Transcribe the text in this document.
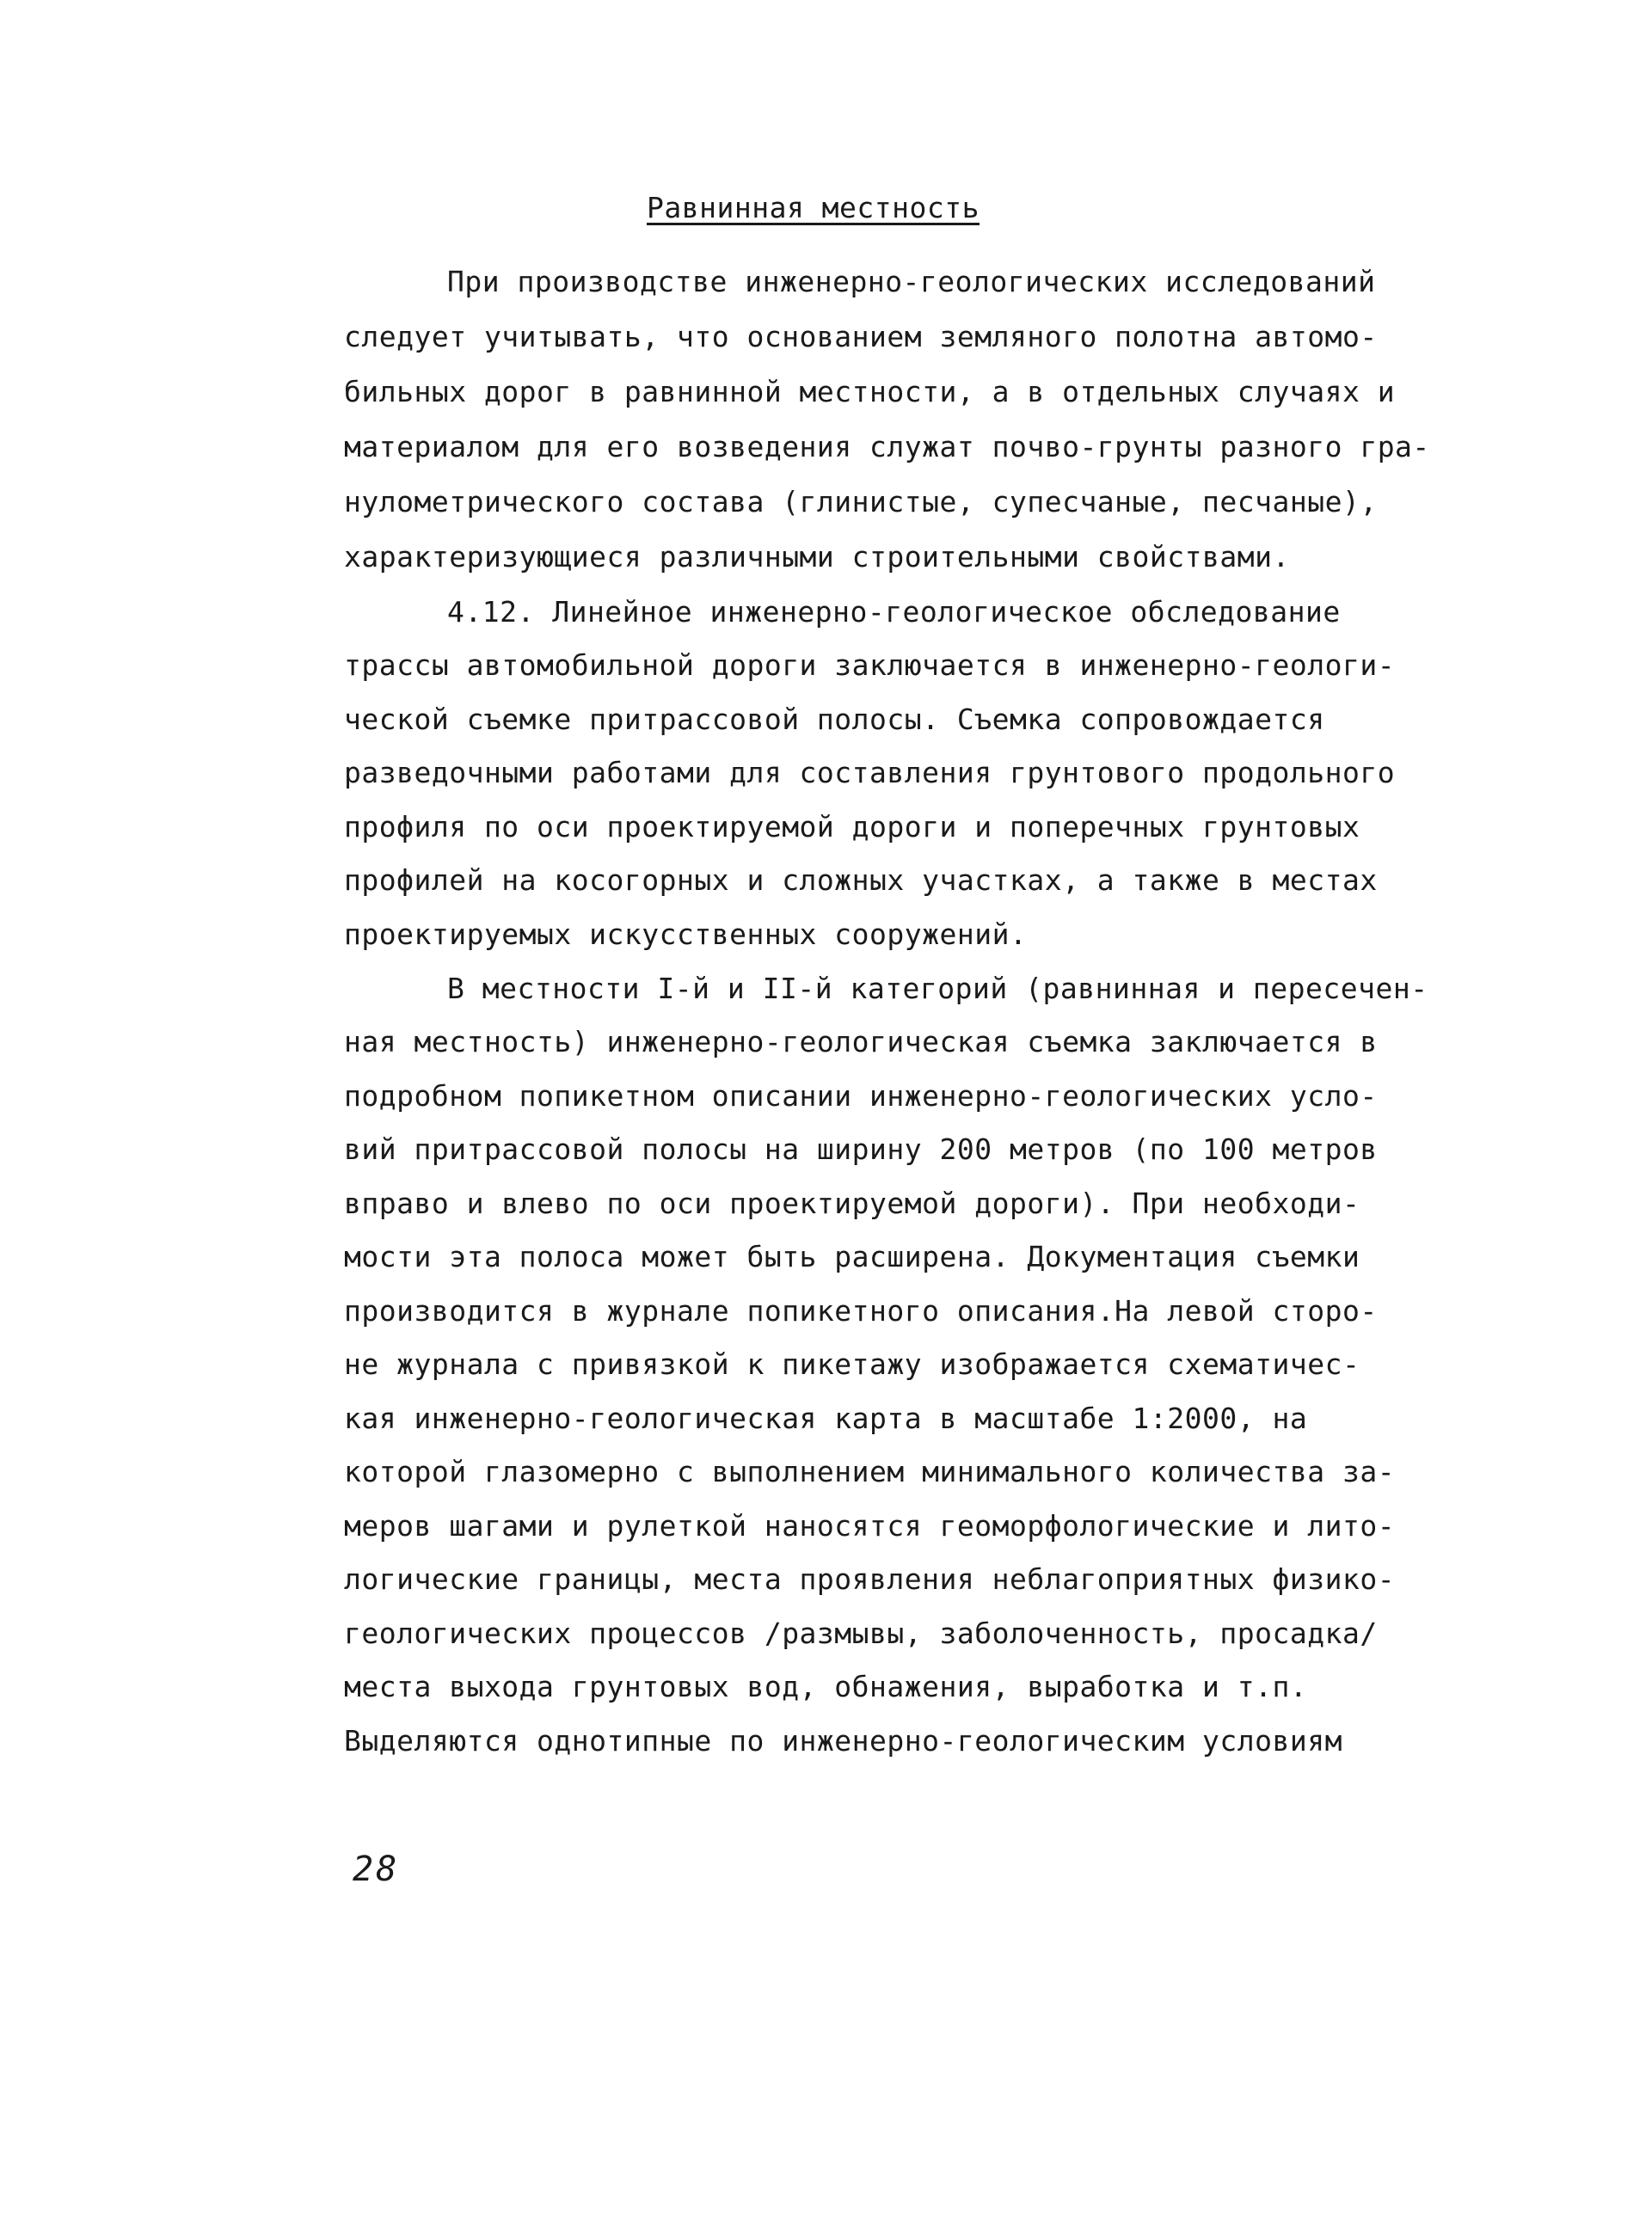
Равнинная местность
При производстве инженерно-геологических исследований
следует учитывать, что основанием земляного полотна автомо-
бильных дорог в равнинной местности, а в отдельных случаях и
материалом для его возведения служат почво-грунты разного гра-
нулометрического состава (глинистые, супесчаные, песчаные),
характеризующиеся различными строительными свойствами.
4.12. Линейное инженерно-геологическое обследование
трассы автомобильной дороги заключается в инженерно-геологи-
ческой съемке притрассовой полосы. Съемка сопровождается
разведочными работами для составления грунтового продольного
профиля по оси проектируемой дороги и поперечных грунтовых
профилей на косогорных и сложных участках, а также в местах
проектируемых искусственных сооружений.
В местности I-й и II-й категорий (равнинная и пересечен-
ная местность) инженерно-геологическая съемка заключается в
подробном попикетном описании инженерно-геологических усло-
вий притрассовой полосы на ширину 200 метров (по 100 метров
вправо и влево по оси проектируемой дороги). При необходи-
мости эта полоса может быть расширена. Документация съемки
производится в журнале попикетного описания.На левой сторо-
не журнала с привязкой к пикетажу изображается схематичес-
кая инженерно-геологическая карта в масштабе 1:2000, на
которой глазомерно с выполнением минимального количества за-
меров шагами и рулеткой наносятся геоморфологические и лито-
логические границы, места проявления неблагоприятных физико-
геологических процессов /размывы, заболоченность, просадка/
места выхода грунтовых вод, обнажения, выработка и т.п.
Выделяются однотипные по инженерно-геологическим условиям
28
